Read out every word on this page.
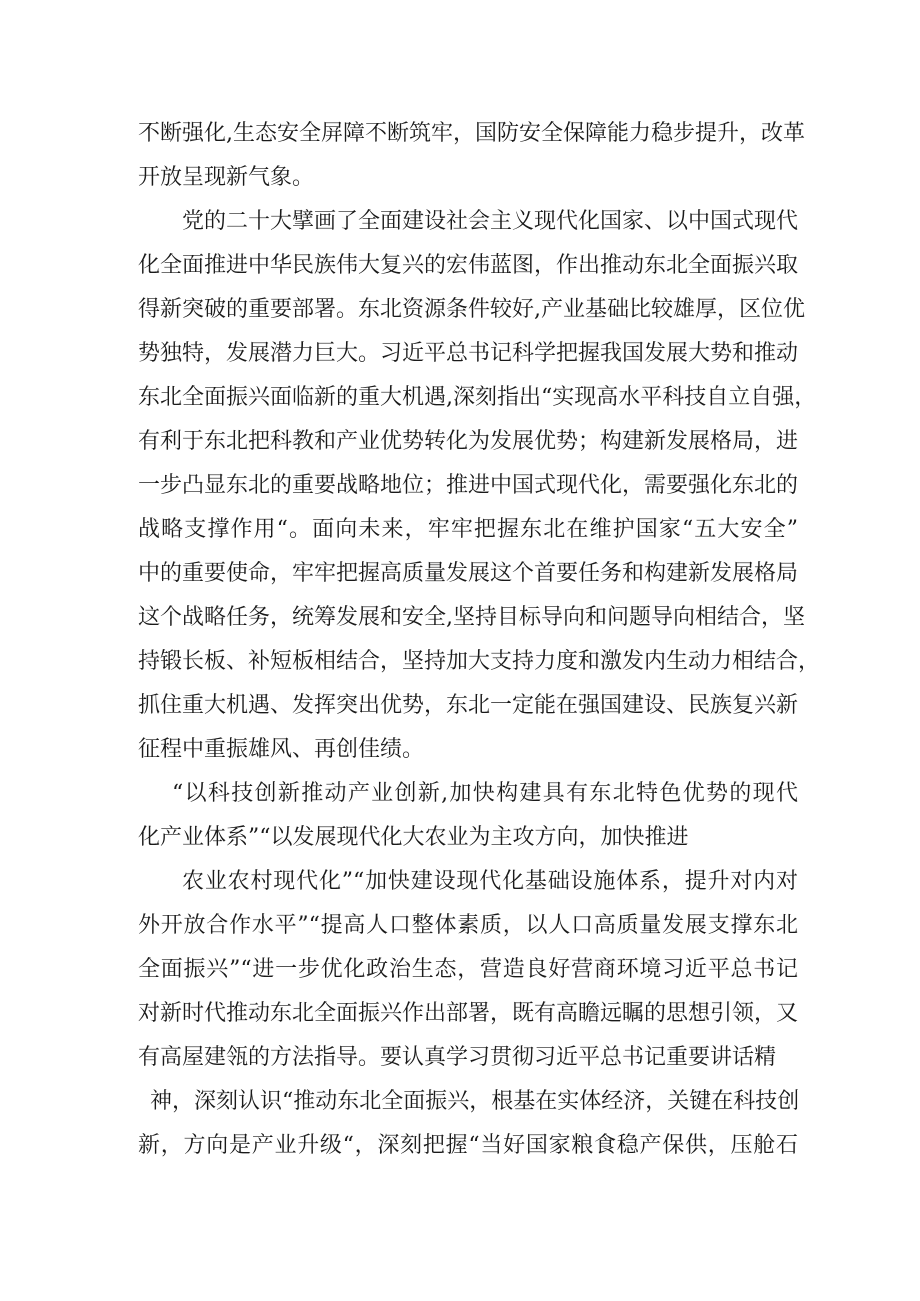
不断强化,生态安全屏障不断筑牢，国防安全保障能力稳步提升，改革
开放呈现新气象。
党的二十大擘画了全面建设社会主义现代化国家、以中国式现代
化全面推进中华民族伟大复兴的宏伟蓝图，作出推动东北全面振兴取
得新突破的重要部署。东北资源条件较好,产业基础比较雄厚，区位优
势独特，发展潜力巨大。习近平总书记科学把握我国发展大势和推动
东北全面振兴面临新的重大机遇,深刻指出“实现高水平科技自立自强，
有利于东北把科教和产业优势转化为发展优势；构建新发展格局，进
一步凸显东北的重要战略地位；推进中国式现代化，需要强化东北的
战略支撑作用“。面向未来，牢牢把握东北在维护国家“五大安全”
中的重要使命，牢牢把握高质量发展这个首要任务和构建新发展格局
这个战略任务，统筹发展和安全,坚持目标导向和问题导向相结合，坚
持锻长板、补短板相结合，坚持加大支持力度和激发内生动力相结合，
抓住重大机遇、发挥突出优势，东北一定能在强国建设、民族复兴新
征程中重振雄风、再创佳绩。
“以科技创新推动产业创新,加快构建具有东北特色优势的现代
化产业体系”“以发展现代化大农业为主攻方向，加快推进
农业农村现代化”“加快建设现代化基础设施体系，提升对内对
外开放合作水平”“提高人口整体素质，以人口高质量发展支撑东北
全面振兴”“进一步优化政治生态，营造良好营商环境习近平总书记
对新时代推动东北全面振兴作出部署，既有高瞻远瞩的思想引领，又
有高屋建瓴的方法指导。要认真学习贯彻习近平总书记重要讲话精
神，深刻认识“推动东北全面振兴，根基在实体经济，关键在科技创
新，方向是产业升级“，深刻把握“当好国家粮食稳产保供，压舱石
